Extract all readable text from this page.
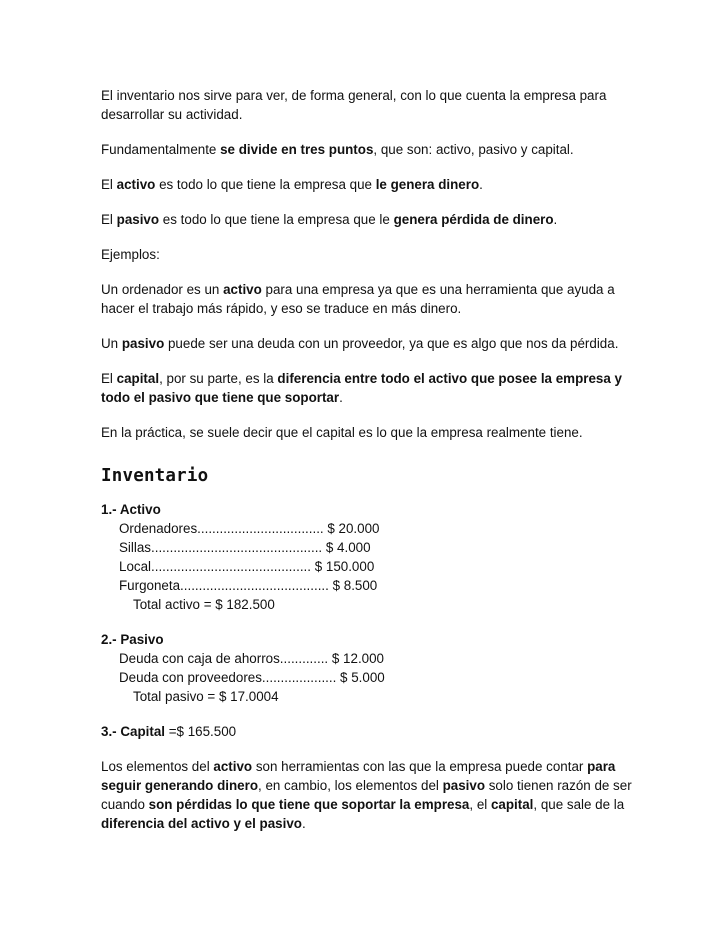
El inventario nos sirve para ver, de forma general, con lo que cuenta la empresa para desarrollar su actividad.

Fundamentalmente se divide en tres puntos, que son: activo, pasivo y capital.

El activo es todo lo que tiene la empresa que le genera dinero.

El pasivo es todo lo que tiene la empresa que le genera pérdida de dinero.

Ejemplos:

Un ordenador es un activo para una empresa ya que es una herramienta que ayuda a hacer el trabajo más rápido, y eso se traduce en más dinero.

Un pasivo puede ser una deuda con un proveedor, ya que es algo que nos da pérdida.

El capital, por su parte, es la diferencia entre todo el activo que posee la empresa y todo el pasivo que tiene que soportar.

En la práctica, se suele decir que el capital es lo que la empresa realmente tiene.

Inventario

1.- Activo

Ordenadores.................................. $ 20.000

Sillas.............................................. $ 4.000

Local........................................... $ 150.000

Furgoneta........................................ $ 8.500

Total activo = $ 182.500

2.- Pasivo

Deuda con caja de ahorros............. $ 12.000

Deuda con proveedores.................... $ 5.000

Total pasivo = $ 17.0004

3.- Capital =$ 165.500

Los elementos del activo son herramientas con las que la empresa puede contar para seguir generando dinero, en cambio, los elementos del pasivo solo tienen razón de ser cuando son pérdidas lo que tiene que soportar la empresa, el capital, que sale de la diferencia del activo y el pasivo.
